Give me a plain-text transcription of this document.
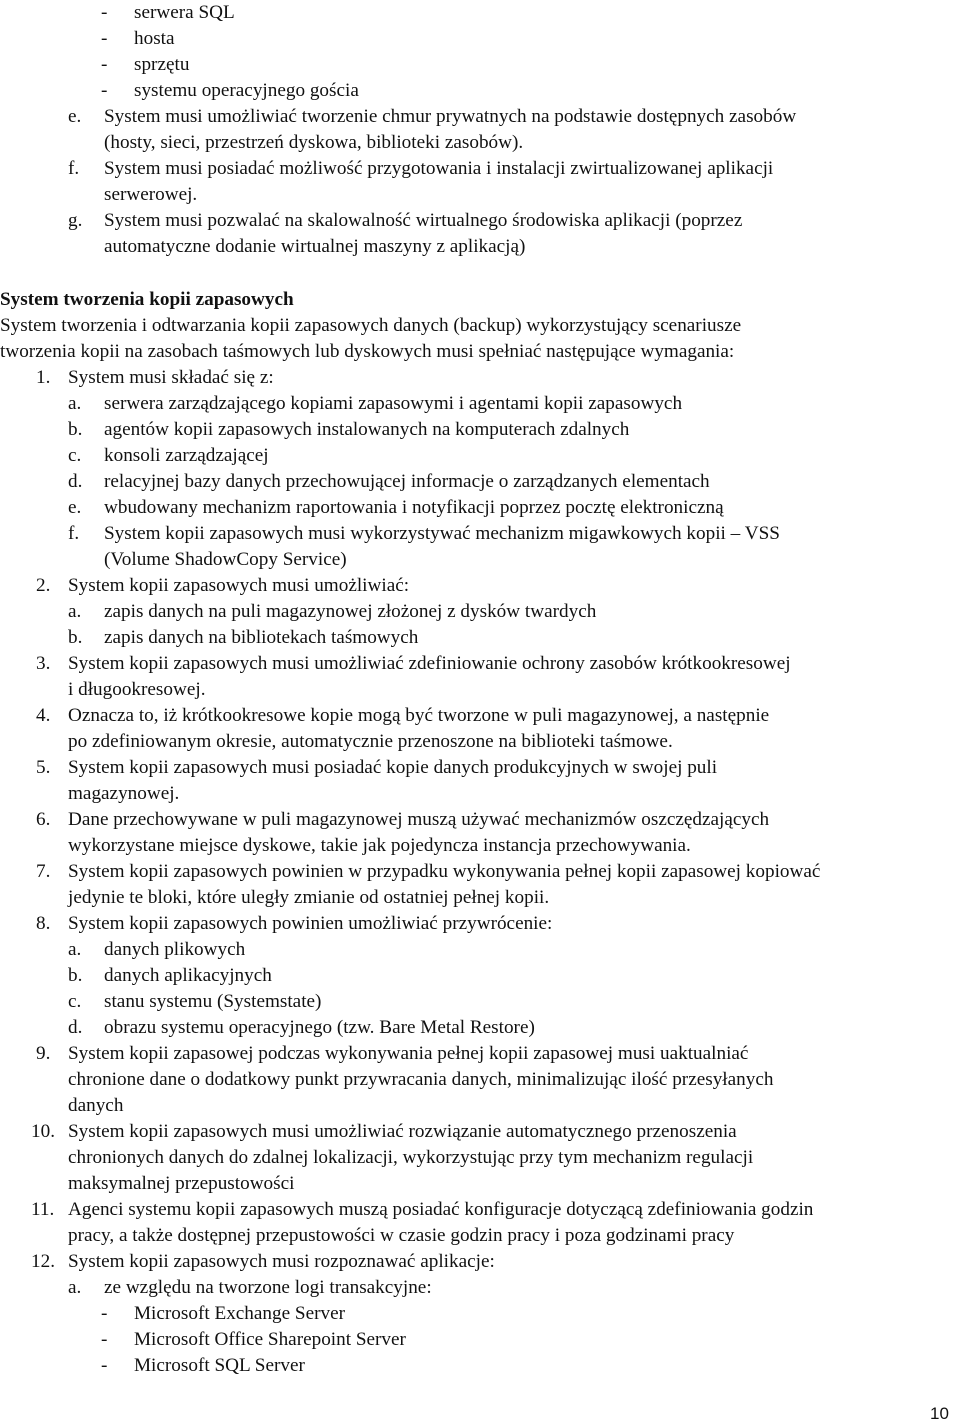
- serwera SQL
- hosta
- sprzętu
- systemu operacyjnego gościa
e. System musi umożliwiać tworzenie chmur prywatnych na podstawie dostępnych zasobów
(hosty, sieci, przestrzeń dyskowa, biblioteki zasobów).
f. System musi posiadać możliwość przygotowania i instalacji zwirtualizowanej aplikacji
serwerowej.
g. System musi pozwalać na skalowalność wirtualnego środowiska aplikacji (poprzez
automatyczne dodanie wirtualnej maszyny z aplikacją)
System tworzenia kopii zapasowych
System tworzenia i odtwarzania kopii zapasowych danych (backup) wykorzystujący scenariusze
tworzenia kopii na zasobach taśmowych lub dyskowych musi spełniać następujące wymagania:
1. System musi składać się z:
a. serwera zarządzającego kopiami zapasowymi i agentami kopii zapasowych
b. agentów kopii zapasowych instalowanych na komputerach zdalnych
c. konsoli zarządzającej
d. relacyjnej bazy danych przechowującej informacje o zarządzanych elementach
e. wbudowany mechanizm raportowania i notyfikacji poprzez pocztę elektroniczną
f. System kopii zapasowych musi wykorzystywać mechanizm migawkowych kopii – VSS
(Volume ShadowCopy Service)
2. System kopii zapasowych musi umożliwiać:
a. zapis danych na puli magazynowej złożonej z dysków twardych
b. zapis danych na bibliotekach taśmowych
3. System kopii zapasowych musi umożliwiać zdefiniowanie ochrony zasobów krótkookresowej
i długookresowej.
4. Oznacza to, iż krótkookresowe kopie mogą być tworzone w puli magazynowej, a następnie
po zdefiniowanym okresie, automatycznie przenoszone na biblioteki taśmowe.
5. System kopii zapasowych musi posiadać kopie danych produkcyjnych w swojej puli
magazynowej.
6. Dane przechowywane w puli magazynowej muszą używać mechanizmów oszczędzających
wykorzystane miejsce dyskowe, takie jak pojedyncza instancja przechowywania.
7. System kopii zapasowych powinien w przypadku wykonywania pełnej kopii zapasowej kopiować
jedynie te bloki, które uległy zmianie od ostatniej pełnej kopii.
8. System kopii zapasowych powinien umożliwiać przywrócenie:
a. danych plikowych
b. danych aplikacyjnych
c. stanu systemu (Systemstate)
d. obrazu systemu operacyjnego (tzw. Bare Metal Restore)
9. System kopii zapasowej podczas wykonywania pełnej kopii zapasowej musi uaktualniać
chronione dane o dodatkowy punkt przywracania danych, minimalizując ilość przesyłanych
danych
10. System kopii zapasowych musi umożliwiać rozwiązanie automatycznego przenoszenia
chronionych danych do zdalnej lokalizacji, wykorzystując przy tym mechanizm regulacji
maksymalnej przepustowości
11. Agenci systemu kopii zapasowych muszą posiadać konfiguracje dotyczącą zdefiniowania godzin
pracy, a także dostępnej przepustowości w czasie godzin pracy i poza godzinami pracy
12. System kopii zapasowych musi rozpoznawać aplikacje:
a. ze względu na tworzone logi transakcyjne:
- Microsoft Exchange Server
- Microsoft Office Sharepoint Server
- Microsoft SQL Server
10
